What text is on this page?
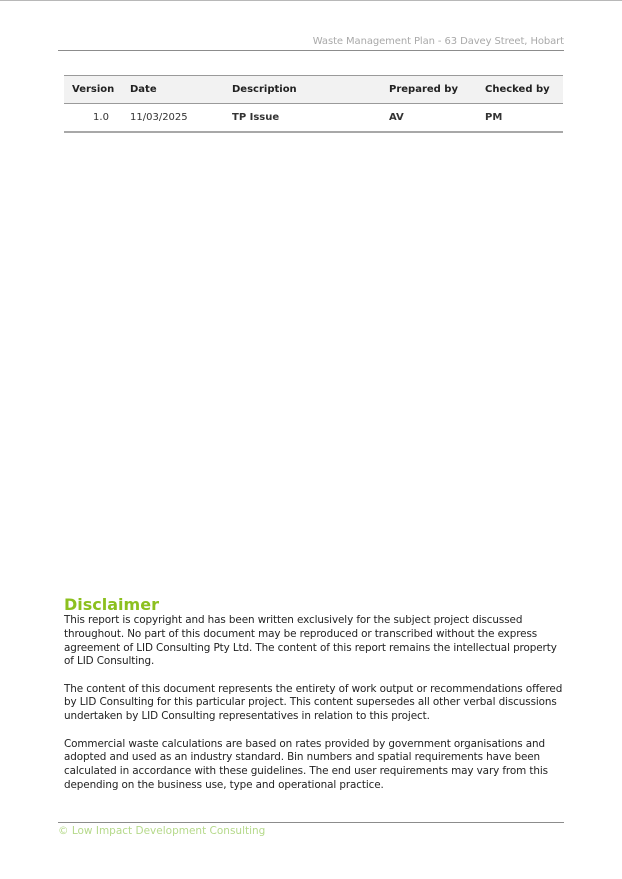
Waste Management Plan - 63 Davey Street, Hobart
Version	Date	Description	Prepared by	Checked by
1.0	11/03/2025	TP Issue	AV	PM
Disclaimer

This report is copyright and has been written exclusively for the subject project discussed throughout. No part of this document may be reproduced or transcribed without the express agreement of LID Consulting Pty Ltd. The content of this report remains the intellectual property of LID Consulting.

The content of this document represents the entirety of work output or recommendations offered by LID Consulting for this particular project. This content supersedes all other verbal discussions undertaken by LID Consulting representatives in relation to this project.

Commercial waste calculations are based on rates provided by government organisations and adopted and used as an industry standard. Bin numbers and spatial requirements have been calculated in accordance with these guidelines. The end user requirements may vary from this depending on the business use, type and operational practice.

© Low Impact Development Consulting
